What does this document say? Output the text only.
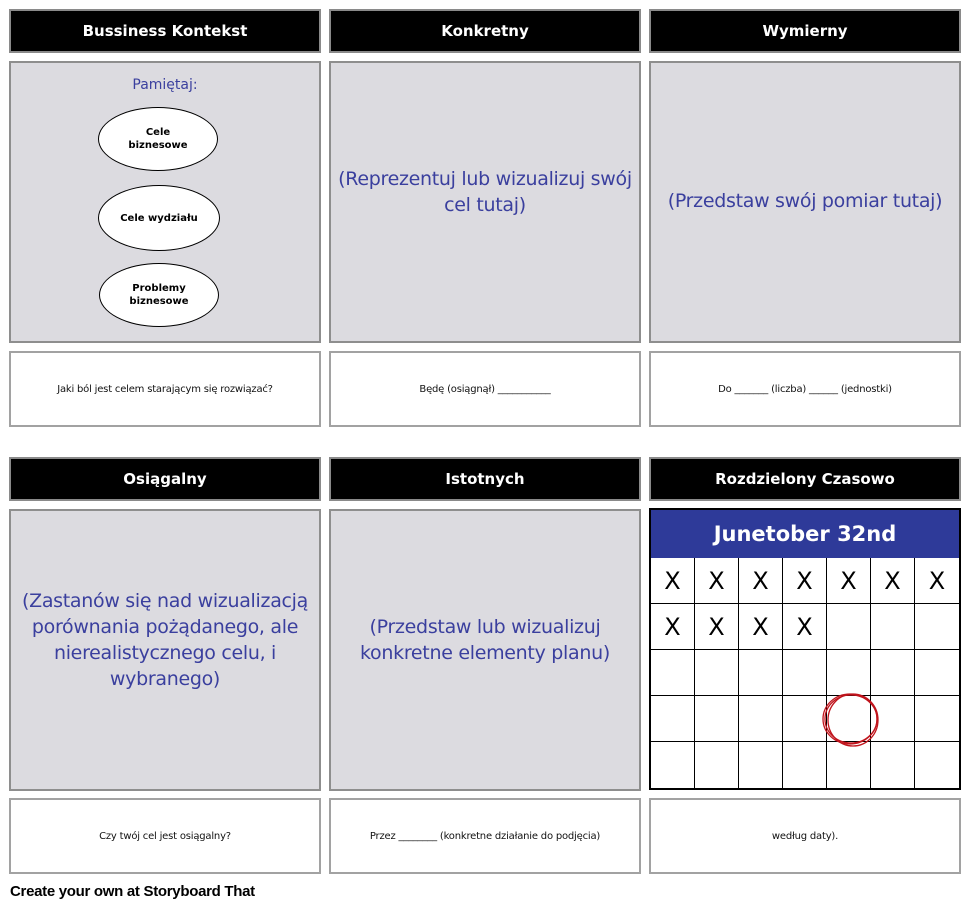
Bussiness Kontekst	Konkretny	Wymierny
Pamiętaj:
Cele biznesowe
Cele wydziału
Problemy biznesowe
(Reprezentuj lub wizualizuj swój cel tutaj)	(Przedstaw swój pomiar tutaj)
Jaki ból jest celem starającym się rozwiązać?	Będę (osiągnął) ___________	Do _______ (liczba) ______ (jednostki)
Osiągalny	Istotnych	Rozdzielony Czasowo
(Zastanów się nad wizualizacją porównania pożądanego, ale nierealistycznego celu, i wybranego)
(Przedstaw lub wizualizuj konkretne elementy planu)
Junetober 32nd
X	X	X	X	X	X	X
X	X	X	X
Czy twój cel jest osiągalny?	Przez ________ (konkretne działanie do podjęcia)	według daty).
Create your own at Storyboard That
